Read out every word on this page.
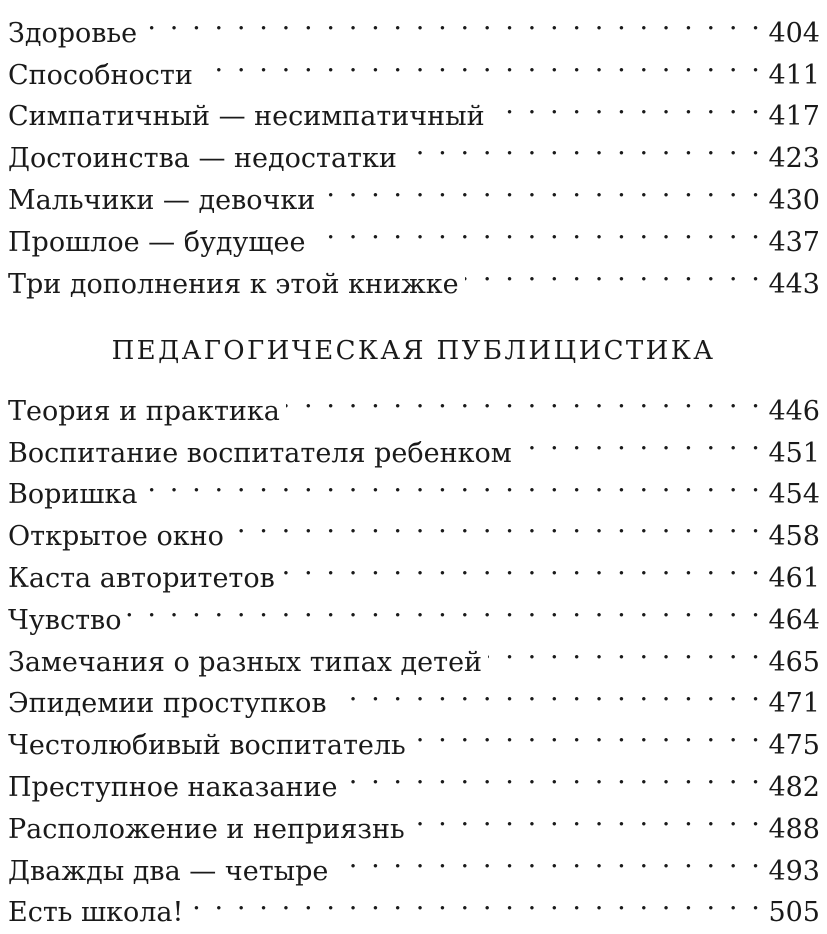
Здоровье . . .	404
Способности . . .	411
Симпатичный — несимпатичный . . .	417
Достоинства — недостатки . . .	423
Мальчики — девочки . . .	430
Прошлое — будущее . . .	437
Три дополнения к этой книжке . . .	443
ПЕДАГОГИЧЕСКАЯ ПУБЛИЦИСТИКА
Теория и практика . . .	446
Воспитание воспитателя ребенком . . .	451
Воришка . . .	454
Открытое окно . . .	458
Каста авторитетов . . .	461
Чувство . . .	464
Замечания о разных типах детей . . .	465
Эпидемии проступков . . .	471
Честолюбивый воспитатель . . .	475
Преступное наказание . . .	482
Расположение и неприязнь . . .	488
Дважды два — четыре . . .	493
Есть школа! . . .	505
